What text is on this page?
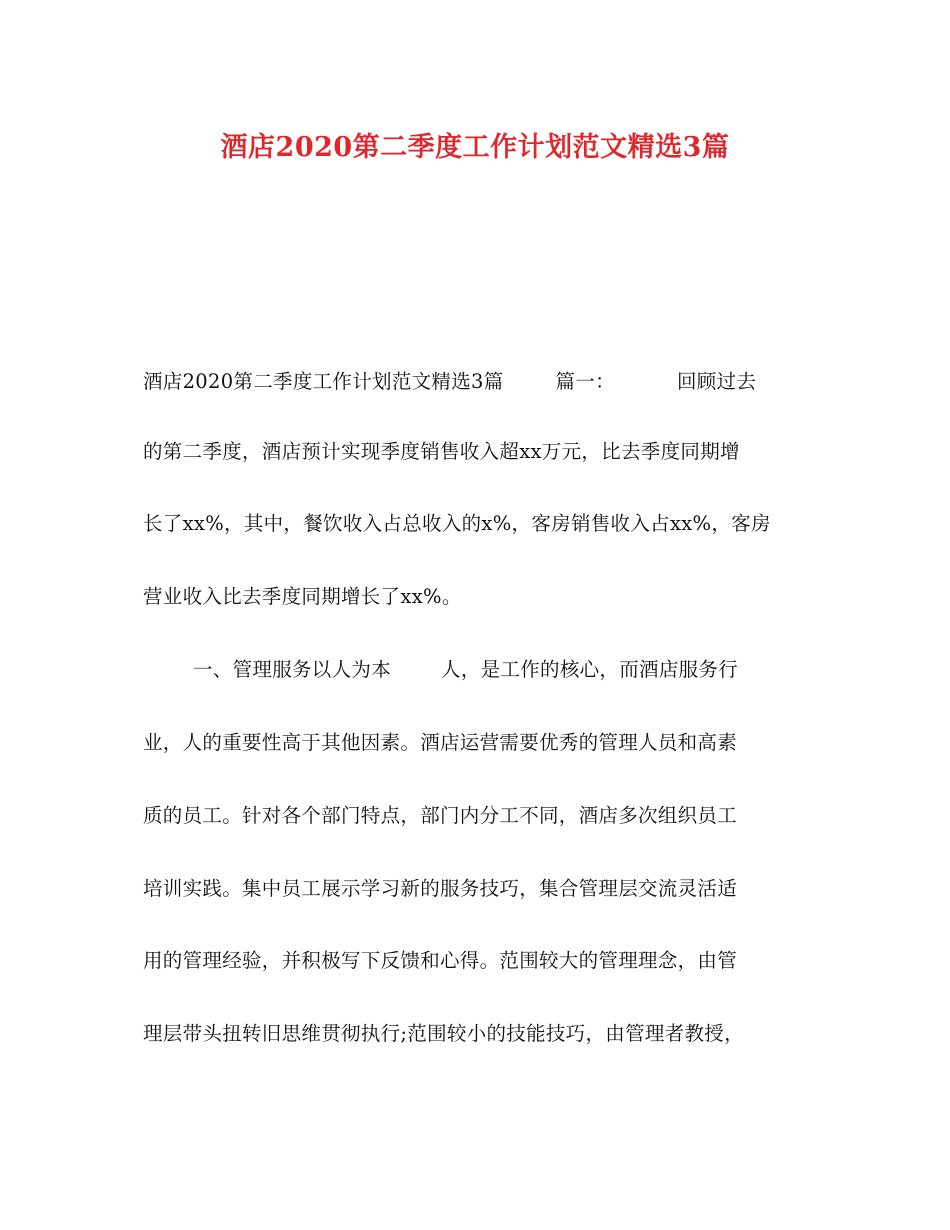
酒店2020第二季度工作计划范文精选3篇
酒店2020第二季度工作计划范文精选3篇	篇一：	回顾过去
的第二季度，酒店预计实现季度销售收入超xx万元，比去季度同期增
长了xx%，其中，餐饮收入占总收入的x%，客房销售收入占xx%，客房
营业收入比去季度同期增长了xx%。
一、管理服务以人为本	人，是工作的核心，而酒店服务行
业，人的重要性高于其他因素。酒店运营需要优秀的管理人员和高素
质的员工。针对各个部门特点，部门内分工不同，酒店多次组织员工
培训实践。集中员工展示学习新的服务技巧，集合管理层交流灵活适
用的管理经验，并积极写下反馈和心得。范围较大的管理理念，由管
理层带头扭转旧思维贯彻执行;范围较小的技能技巧，由管理者教授，
